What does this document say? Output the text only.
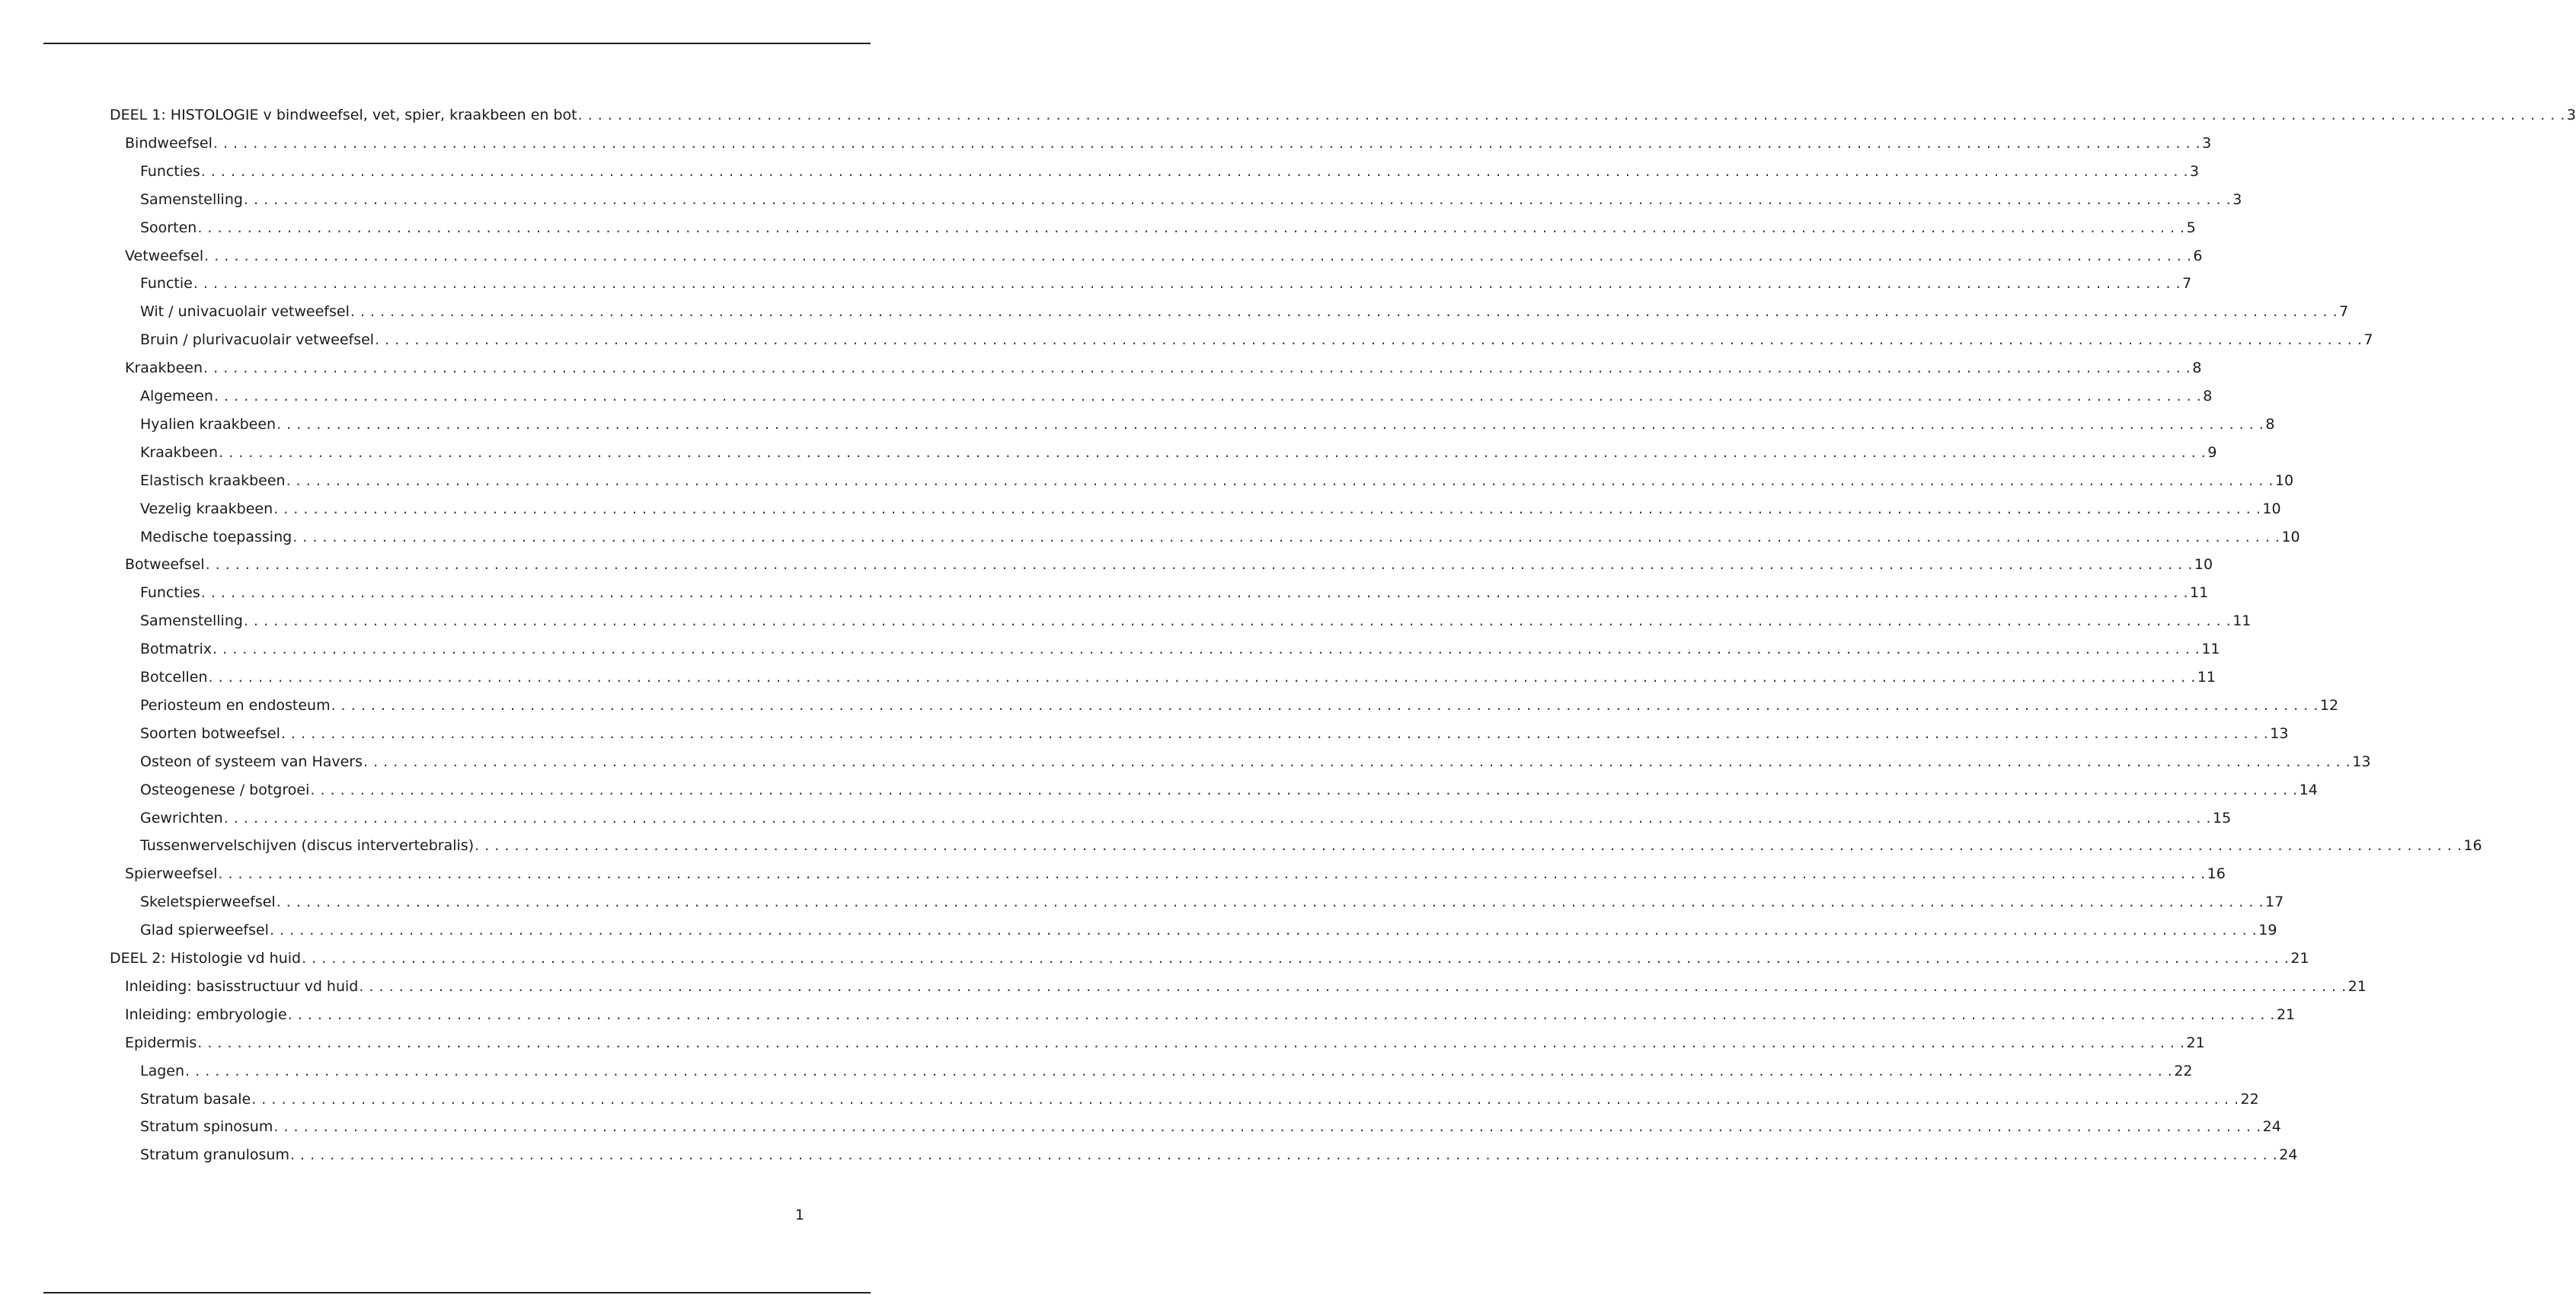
DEEL 1: HISTOLOGIE v bindweefsel, vet, spier, kraakbeen en bot . . . . . . . . . . . . . . . . . . . . . . . . . . . . . . . . . . . . . . . . . . . . . . . . . . . . . . . . . . . . . . . . . . . . . . . . . . . . . . . . . . . . . . . . . . . . . . . . . . . . . . . . . . . . . . . . . . . . . . . . . . . . . . . . . . . . . . . . . . . . . . . . . . . . . . . . . . . . . . . . . . . . . . . . . . . . . . . . . . . . . . . . . . . . . . . . . . . . . . . . 3
Bindweefsel . . . . . . . . . . . . . . . . . . . . . . . . . . . . . . . . . . . . . . . . . . . . . . . . . . . . . . . . . . . . . . . . . . . . . . . . . . . . . . . . . . . . . . . . . . . . . . . . . . . . . . . . . . . . . . . . . . . . . . . . . . . . . . . . . . . . . . . . . . . . . . . . . . . . . . . . . . . . . . . . . . . . . . . . . . . . . . . . . . . . . . . . . . . . . . . . . . . . . . . . 3
Functies . . . . . . . . . . . . . . . . . . . . . . . . . . . . . . . . . . . . . . . . . . . . . . . . . . . . . . . . . . . . . . . . . . . . . . . . . . . . . . . . . . . . . . . . . . . . . . . . . . . . . . . . . . . . . . . . . . . . . . . . . . . . . . . . . . . . . . . . . . . . . . . . . . . . . . . . . . . . . . . . . . . . . . . . . . . . . . . . . . . . . . . . . . . . . . . . . . . . . . . . 3
Samenstelling . . . . . . . . . . . . . . . . . . . . . . . . . . . . . . . . . . . . . . . . . . . . . . . . . . . . . . . . . . . . . . . . . . . . . . . . . . . . . . . . . . . . . . . . . . . . . . . . . . . . . . . . . . . . . . . . . . . . . . . . . . . . . . . . . . . . . . . . . . . . . . . . . . . . . . . . . . . . . . . . . . . . . . . . . . . . . . . . . . . . . . . . . . . . . . . . . . . . . . . . 3
Soorten . . . . . . . . . . . . . . . . . . . . . . . . . . . . . . . . . . . . . . . . . . . . . . . . . . . . . . . . . . . . . . . . . . . . . . . . . . . . . . . . . . . . . . . . . . . . . . . . . . . . . . . . . . . . . . . . . . . . . . . . . . . . . . . . . . . . . . . . . . . . . . . . . . . . . . . . . . . . . . . . . . . . . . . . . . . . . . . . . . . . . . . . . . . . . . . . . . . . . . . . 5
Vetweefsel . . . . . . . . . . . . . . . . . . . . . . . . . . . . . . . . . . . . . . . . . . . . . . . . . . . . . . . . . . . . . . . . . . . . . . . . . . . . . . . . . . . . . . . . . . . . . . . . . . . . . . . . . . . . . . . . . . . . . . . . . . . . . . . . . . . . . . . . . . . . . . . . . . . . . . . . . . . . . . . . . . . . . . . . . . . . . . . . . . . . . . . . . . . . . . . . . . . . . . . . 6
Functie . . . . . . . . . . . . . . . . . . . . . . . . . . . . . . . . . . . . . . . . . . . . . . . . . . . . . . . . . . . . . . . . . . . . . . . . . . . . . . . . . . . . . . . . . . . . . . . . . . . . . . . . . . . . . . . . . . . . . . . . . . . . . . . . . . . . . . . . . . . . . . . . . . . . . . . . . . . . . . . . . . . . . . . . . . . . . . . . . . . . . . . . . . . . . . . . . . . . . . . . 7
Wit / univacuolair vetweefsel . . . . . . . . . . . . . . . . . . . . . . . . . . . . . . . . . . . . . . . . . . . . . . . . . . . . . . . . . . . . . . . . . . . . . . . . . . . . . . . . . . . . . . . . . . . . . . . . . . . . . . . . . . . . . . . . . . . . . . . . . . . . . . . . . . . . . . . . . . . . . . . . . . . . . . . . . . . . . . . . . . . . . . . . . . . . . . . . . . . . . . . . . . . . . . . . . . . . . . . . 7
Bruin / plurivacuolair vetweefsel . . . . . . . . . . . . . . . . . . . . . . . . . . . . . . . . . . . . . . . . . . . . . . . . . . . . . . . . . . . . . . . . . . . . . . . . . . . . . . . . . . . . . . . . . . . . . . . . . . . . . . . . . . . . . . . . . . . . . . . . . . . . . . . . . . . . . . . . . . . . . . . . . . . . . . . . . . . . . . . . . . . . . . . . . . . . . . . . . . . . . . . . . . . . . . . . . . . . . . . . 7
Kraakbeen . . . . . . . . . . . . . . . . . . . . . . . . . . . . . . . . . . . . . . . . . . . . . . . . . . . . . . . . . . . . . . . . . . . . . . . . . . . . . . . . . . . . . . . . . . . . . . . . . . . . . . . . . . . . . . . . . . . . . . . . . . . . . . . . . . . . . . . . . . . . . . . . . . . . . . . . . . . . . . . . . . . . . . . . . . . . . . . . . . . . . . . . . . . . . . . . . . . . . . . . 8
Algemeen . . . . . . . . . . . . . . . . . . . . . . . . . . . . . . . . . . . . . . . . . . . . . . . . . . . . . . . . . . . . . . . . . . . . . . . . . . . . . . . . . . . . . . . . . . . . . . . . . . . . . . . . . . . . . . . . . . . . . . . . . . . . . . . . . . . . . . . . . . . . . . . . . . . . . . . . . . . . . . . . . . . . . . . . . . . . . . . . . . . . . . . . . . . . . . . . . . . . . . . . 8
Hyalien kraakbeen . . . . . . . . . . . . . . . . . . . . . . . . . . . . . . . . . . . . . . . . . . . . . . . . . . . . . . . . . . . . . . . . . . . . . . . . . . . . . . . . . . . . . . . . . . . . . . . . . . . . . . . . . . . . . . . . . . . . . . . . . . . . . . . . . . . . . . . . . . . . . . . . . . . . . . . . . . . . . . . . . . . . . . . . . . . . . . . . . . . . . . . . . . . . . . . . . . . . . . . . 8
Kraakbeen . . . . . . . . . . . . . . . . . . . . . . . . . . . . . . . . . . . . . . . . . . . . . . . . . . . . . . . . . . . . . . . . . . . . . . . . . . . . . . . . . . . . . . . . . . . . . . . . . . . . . . . . . . . . . . . . . . . . . . . . . . . . . . . . . . . . . . . . . . . . . . . . . . . . . . . . . . . . . . . . . . . . . . . . . . . . . . . . . . . . . . . . . . . . . . . . . . . . . . . . 9
Elastisch kraakbeen . . . . . . . . . . . . . . . . . . . . . . . . . . . . . . . . . . . . . . . . . . . . . . . . . . . . . . . . . . . . . . . . . . . . . . . . . . . . . . . . . . . . . . . . . . . . . . . . . . . . . . . . . . . . . . . . . . . . . . . . . . . . . . . . . . . . . . . . . . . . . . . . . . . . . . . . . . . . . . . . . . . . . . . . . . . . . . . . . . . . . . . . . . . . . . . . . . . . . . . . 10
Vezelig kraakbeen . . . . . . . . . . . . . . . . . . . . . . . . . . . . . . . . . . . . . . . . . . . . . . . . . . . . . . . . . . . . . . . . . . . . . . . . . . . . . . . . . . . . . . . . . . . . . . . . . . . . . . . . . . . . . . . . . . . . . . . . . . . . . . . . . . . . . . . . . . . . . . . . . . . . . . . . . . . . . . . . . . . . . . . . . . . . . . . . . . . . . . . . . . . . . . . . . . . . . . . . 10
Medische toepassing . . . . . . . . . . . . . . . . . . . . . . . . . . . . . . . . . . . . . . . . . . . . . . . . . . . . . . . . . . . . . . . . . . . . . . . . . . . . . . . . . . . . . . . . . . . . . . . . . . . . . . . . . . . . . . . . . . . . . . . . . . . . . . . . . . . . . . . . . . . . . . . . . . . . . . . . . . . . . . . . . . . . . . . . . . . . . . . . . . . . . . . . . . . . . . . . . . . . . . . . 10
Botweefsel . . . . . . . . . . . . . . . . . . . . . . . . . . . . . . . . . . . . . . . . . . . . . . . . . . . . . . . . . . . . . . . . . . . . . . . . . . . . . . . . . . . . . . . . . . . . . . . . . . . . . . . . . . . . . . . . . . . . . . . . . . . . . . . . . . . . . . . . . . . . . . . . . . . . . . . . . . . . . . . . . . . . . . . . . . . . . . . . . . . . . . . . . . . . . . . . . . . . . . . . 10
Functies . . . . . . . . . . . . . . . . . . . . . . . . . . . . . . . . . . . . . . . . . . . . . . . . . . . . . . . . . . . . . . . . . . . . . . . . . . . . . . . . . . . . . . . . . . . . . . . . . . . . . . . . . . . . . . . . . . . . . . . . . . . . . . . . . . . . . . . . . . . . . . . . . . . . . . . . . . . . . . . . . . . . . . . . . . . . . . . . . . . . . . . . . . . . . . . . . . . . . . . . 11
Samenstelling . . . . . . . . . . . . . . . . . . . . . . . . . . . . . . . . . . . . . . . . . . . . . . . . . . . . . . . . . . . . . . . . . . . . . . . . . . . . . . . . . . . . . . . . . . . . . . . . . . . . . . . . . . . . . . . . . . . . . . . . . . . . . . . . . . . . . . . . . . . . . . . . . . . . . . . . . . . . . . . . . . . . . . . . . . . . . . . . . . . . . . . . . . . . . . . . . . . . . . . . 11
Botmatrix . . . . . . . . . . . . . . . . . . . . . . . . . . . . . . . . . . . . . . . . . . . . . . . . . . . . . . . . . . . . . . . . . . . . . . . . . . . . . . . . . . . . . . . . . . . . . . . . . . . . . . . . . . . . . . . . . . . . . . . . . . . . . . . . . . . . . . . . . . . . . . . . . . . . . . . . . . . . . . . . . . . . . . . . . . . . . . . . . . . . . . . . . . . . . . . . . . . . . . . . 11
Botcellen . . . . . . . . . . . . . . . . . . . . . . . . . . . . . . . . . . . . . . . . . . . . . . . . . . . . . . . . . . . . . . . . . . . . . . . . . . . . . . . . . . . . . . . . . . . . . . . . . . . . . . . . . . . . . . . . . . . . . . . . . . . . . . . . . . . . . . . . . . . . . . . . . . . . . . . . . . . . . . . . . . . . . . . . . . . . . . . . . . . . . . . . . . . . . . . . . . . . . . . . 11
Periosteum en endosteum . . . . . . . . . . . . . . . . . . . . . . . . . . . . . . . . . . . . . . . . . . . . . . . . . . . . . . . . . . . . . . . . . . . . . . . . . . . . . . . . . . . . . . . . . . . . . . . . . . . . . . . . . . . . . . . . . . . . . . . . . . . . . . . . . . . . . . . . . . . . . . . . . . . . . . . . . . . . . . . . . . . . . . . . . . . . . . . . . . . . . . . . . . . . . . . . . . . . . . . . 12
Soorten botweefsel . . . . . . . . . . . . . . . . . . . . . . . . . . . . . . . . . . . . . . . . . . . . . . . . . . . . . . . . . . . . . . . . . . . . . . . . . . . . . . . . . . . . . . . . . . . . . . . . . . . . . . . . . . . . . . . . . . . . . . . . . . . . . . . . . . . . . . . . . . . . . . . . . . . . . . . . . . . . . . . . . . . . . . . . . . . . . . . . . . . . . . . . . . . . . . . . . . . . . . . . 13
Osteon of systeem van Havers . . . . . . . . . . . . . . . . . . . . . . . . . . . . . . . . . . . . . . . . . . . . . . . . . . . . . . . . . . . . . . . . . . . . . . . . . . . . . . . . . . . . . . . . . . . . . . . . . . . . . . . . . . . . . . . . . . . . . . . . . . . . . . . . . . . . . . . . . . . . . . . . . . . . . . . . . . . . . . . . . . . . . . . . . . . . . . . . . . . . . . . . . . . . . . . . . . . . . . . . 13
Osteogenese / botgroei . . . . . . . . . . . . . . . . . . . . . . . . . . . . . . . . . . . . . . . . . . . . . . . . . . . . . . . . . . . . . . . . . . . . . . . . . . . . . . . . . . . . . . . . . . . . . . . . . . . . . . . . . . . . . . . . . . . . . . . . . . . . . . . . . . . . . . . . . . . . . . . . . . . . . . . . . . . . . . . . . . . . . . . . . . . . . . . . . . . . . . . . . . . . . . . . . . . . . . . . 14
Gewrichten . . . . . . . . . . . . . . . . . . . . . . . . . . . . . . . . . . . . . . . . . . . . . . . . . . . . . . . . . . . . . . . . . . . . . . . . . . . . . . . . . . . . . . . . . . . . . . . . . . . . . . . . . . . . . . . . . . . . . . . . . . . . . . . . . . . . . . . . . . . . . . . . . . . . . . . . . . . . . . . . . . . . . . . . . . . . . . . . . . . . . . . . . . . . . . . . . . . . . . . . 15
Tussenwervelschijven (discus intervertebralis) . . . . . . . . . . . . . . . . . . . . . . . . . . . . . . . . . . . . . . . . . . . . . . . . . . . . . . . . . . . . . . . . . . . . . . . . . . . . . . . . . . . . . . . . . . . . . . . . . . . . . . . . . . . . . . . . . . . . . . . . . . . . . . . . . . . . . . . . . . . . . . . . . . . . . . . . . . . . . . . . . . . . . . . . . . . . . . . . . . . . . . . . . . . . . . . . . . . . . . . . 16
Spierweefsel . . . . . . . . . . . . . . . . . . . . . . . . . . . . . . . . . . . . . . . . . . . . . . . . . . . . . . . . . . . . . . . . . . . . . . . . . . . . . . . . . . . . . . . . . . . . . . . . . . . . . . . . . . . . . . . . . . . . . . . . . . . . . . . . . . . . . . . . . . . . . . . . . . . . . . . . . . . . . . . . . . . . . . . . . . . . . . . . . . . . . . . . . . . . . . . . . . . . . . . . 16
Skeletspierweefsel . . . . . . . . . . . . . . . . . . . . . . . . . . . . . . . . . . . . . . . . . . . . . . . . . . . . . . . . . . . . . . . . . . . . . . . . . . . . . . . . . . . . . . . . . . . . . . . . . . . . . . . . . . . . . . . . . . . . . . . . . . . . . . . . . . . . . . . . . . . . . . . . . . . . . . . . . . . . . . . . . . . . . . . . . . . . . . . . . . . . . . . . . . . . . . . . . . . . . . . . 17
Glad spierweefsel . . . . . . . . . . . . . . . . . . . . . . . . . . . . . . . . . . . . . . . . . . . . . . . . . . . . . . . . . . . . . . . . . . . . . . . . . . . . . . . . . . . . . . . . . . . . . . . . . . . . . . . . . . . . . . . . . . . . . . . . . . . . . . . . . . . . . . . . . . . . . . . . . . . . . . . . . . . . . . . . . . . . . . . . . . . . . . . . . . . . . . . . . . . . . . . . . . . . . . . . 19
DEEL 2: Histologie vd huid . . . . . . . . . . . . . . . . . . . . . . . . . . . . . . . . . . . . . . . . . . . . . . . . . . . . . . . . . . . . . . . . . . . . . . . . . . . . . . . . . . . . . . . . . . . . . . . . . . . . . . . . . . . . . . . . . . . . . . . . . . . . . . . . . . . . . . . . . . . . . . . . . . . . . . . . . . . . . . . . . . . . . . . . . . . . . . . . . . . . . . . . . . . . . . . . . . . . . . . . 21
Inleiding: basisstructuur vd huid . . . . . . . . . . . . . . . . . . . . . . . . . . . . . . . . . . . . . . . . . . . . . . . . . . . . . . . . . . . . . . . . . . . . . . . . . . . . . . . . . . . . . . . . . . . . . . . . . . . . . . . . . . . . . . . . . . . . . . . . . . . . . . . . . . . . . . . . . . . . . . . . . . . . . . . . . . . . . . . . . . . . . . . . . . . . . . . . . . . . . . . . . . . . . . . . . . . . . . . . 21
Inleiding: embryologie . . . . . . . . . . . . . . . . . . . . . . . . . . . . . . . . . . . . . . . . . . . . . . . . . . . . . . . . . . . . . . . . . . . . . . . . . . . . . . . . . . . . . . . . . . . . . . . . . . . . . . . . . . . . . . . . . . . . . . . . . . . . . . . . . . . . . . . . . . . . . . . . . . . . . . . . . . . . . . . . . . . . . . . . . . . . . . . . . . . . . . . . . . . . . . . . . . . . . . . . 21
Epidermis . . . . . . . . . . . . . . . . . . . . . . . . . . . . . . . . . . . . . . . . . . . . . . . . . . . . . . . . . . . . . . . . . . . . . . . . . . . . . . . . . . . . . . . . . . . . . . . . . . . . . . . . . . . . . . . . . . . . . . . . . . . . . . . . . . . . . . . . . . . . . . . . . . . . . . . . . . . . . . . . . . . . . . . . . . . . . . . . . . . . . . . . . . . . . . . . . . . . . . . . 21
Lagen . . . . . . . . . . . . . . . . . . . . . . . . . . . . . . . . . . . . . . . . . . . . . . . . . . . . . . . . . . . . . . . . . . . . . . . . . . . . . . . . . . . . . . . . . . . . . . . . . . . . . . . . . . . . . . . . . . . . . . . . . . . . . . . . . . . . . . . . . . . . . . . . . . . . . . . . . . . . . . . . . . . . . . . . . . . . . . . . . . . . . . . . . . . . . . . . . . . . . . . . 22
Stratum basale . . . . . . . . . . . . . . . . . . . . . . . . . . . . . . . . . . . . . . . . . . . . . . . . . . . . . . . . . . . . . . . . . . . . . . . . . . . . . . . . . . . . . . . . . . . . . . . . . . . . . . . . . . . . . . . . . . . . . . . . . . . . . . . . . . . . . . . . . . . . . . . . . . . . . . . . . . . . . . . . . . . . . . . . . . . . . . . . . . . . . . . . . . . . . . . . . . . . . . . . 22
Stratum spinosum . . . . . . . . . . . . . . . . . . . . . . . . . . . . . . . . . . . . . . . . . . . . . . . . . . . . . . . . . . . . . . . . . . . . . . . . . . . . . . . . . . . . . . . . . . . . . . . . . . . . . . . . . . . . . . . . . . . . . . . . . . . . . . . . . . . . . . . . . . . . . . . . . . . . . . . . . . . . . . . . . . . . . . . . . . . . . . . . . . . . . . . . . . . . . . . . . . . . . . . . 24
Stratum granulosum . . . . . . . . . . . . . . . . . . . . . . . . . . . . . . . . . . . . . . . . . . . . . . . . . . . . . . . . . . . . . . . . . . . . . . . . . . . . . . . . . . . . . . . . . . . . . . . . . . . . . . . . . . . . . . . . . . . . . . . . . . . . . . . . . . . . . . . . . . . . . . . . . . . . . . . . . . . . . . . . . . . . . . . . . . . . . . . . . . . . . . . . . . . . . . . . . . . . . . . . 24
1
